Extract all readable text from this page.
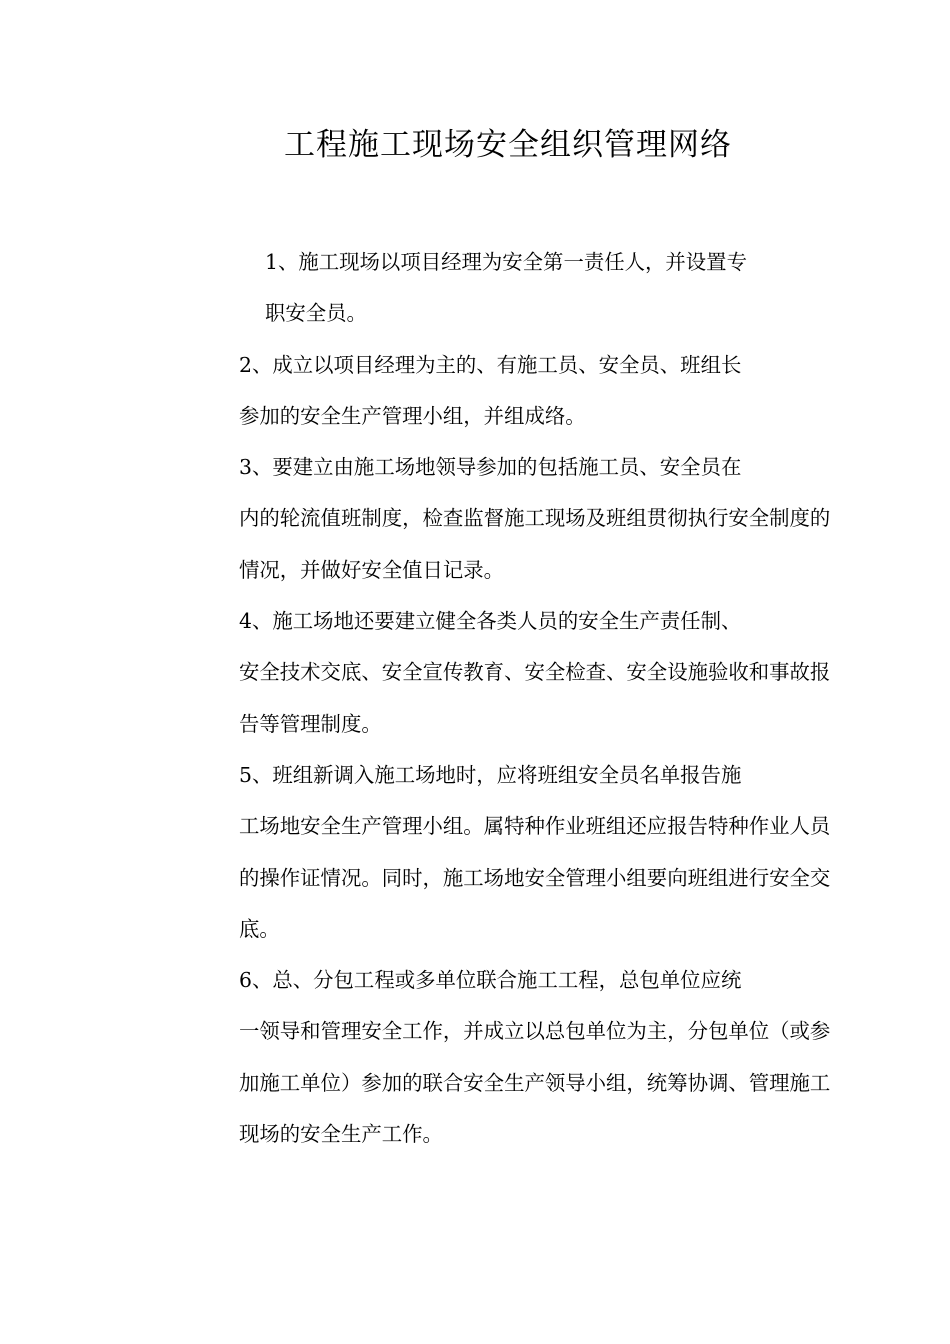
工程施工现场安全组织管理网络

1、施工现场以项目经理为安全第一责任人，并设置专
职安全员。

2、成立以项目经理为主的、有施工员、安全员、班组长
参加的安全生产管理小组，并组成络。

3、要建立由施工场地领导参加的包括施工员、安全员在
内的轮流值班制度，检查监督施工现场及班组贯彻执行安全制度的
情况，并做好安全值日记录。

4、施工场地还要建立健全各类人员的安全生产责任制、
安全技术交底、安全宣传教育、安全检查、安全设施验收和事故报
告等管理制度。

5、班组新调入施工场地时，应将班组安全员名单报告施
工场地安全生产管理小组。属特种作业班组还应报告特种作业人员
的操作证情况。同时，施工场地安全管理小组要向班组进行安全交
底。

6、总、分包工程或多单位联合施工工程，总包单位应统
一领导和管理安全工作，并成立以总包单位为主，分包单位（或参
加施工单位）参加的联合安全生产领导小组，统筹协调、管理施工
现场的安全生产工作。
